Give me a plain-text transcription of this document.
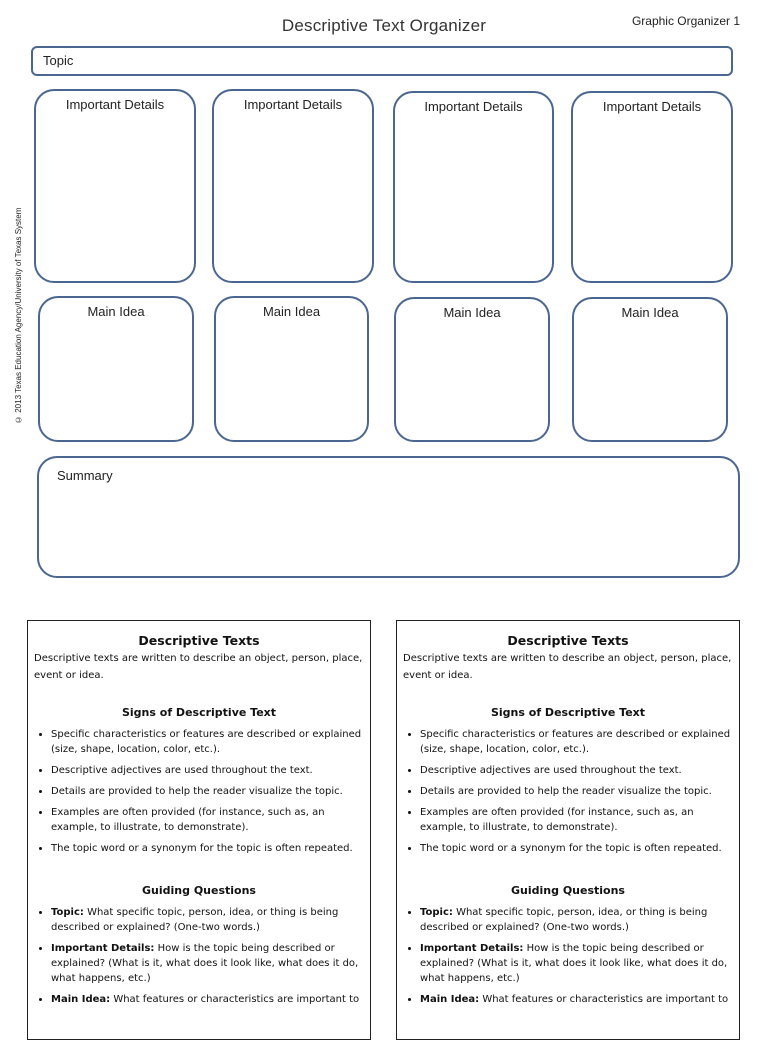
Descriptive Text Organizer	Graphic Organizer 1
© 2013 Texas Education Agency/University of Texas System
Topic
Important Details	Important Details	Important Details	Important Details
Main Idea	Main Idea	Main Idea	Main Idea
Summary
Descriptive Texts

Descriptive texts are written to describe an object, person, place, event or idea.

Signs of Descriptive Text
• Specific characteristics or features are described or explained (size, shape, location, color, etc.).
• Descriptive adjectives are used throughout the text.
• Details are provided to help the reader visualize the topic.
• Examples are often provided (for instance, such as, an example, to illustrate, to demonstrate).
• The topic word or a synonym for the topic is often repeated.
Guiding Questions
• Topic: What specific topic, person, idea, or thing is being described or explained? (One-two words.)
• Important Details: How is the topic being described or explained? (What is it, what does it look like, what does it do, what happens, etc.)
• Main Idea: What features or characteristics are important to
Descriptive Texts

Descriptive texts are written to describe an object, person, place, event or idea.

Signs of Descriptive Text
• Specific characteristics or features are described or explained (size, shape, location, color, etc.).
• Descriptive adjectives are used throughout the text.
• Details are provided to help the reader visualize the topic.
• Examples are often provided (for instance, such as, an example, to illustrate, to demonstrate).
• The topic word or a synonym for the topic is often repeated.
Guiding Questions
• Topic: What specific topic, person, idea, or thing is being described or explained? (One-two words.)
• Important Details: How is the topic being described or explained? (What is it, what does it look like, what does it do, what happens, etc.)
• Main Idea: What features or characteristics are important to
